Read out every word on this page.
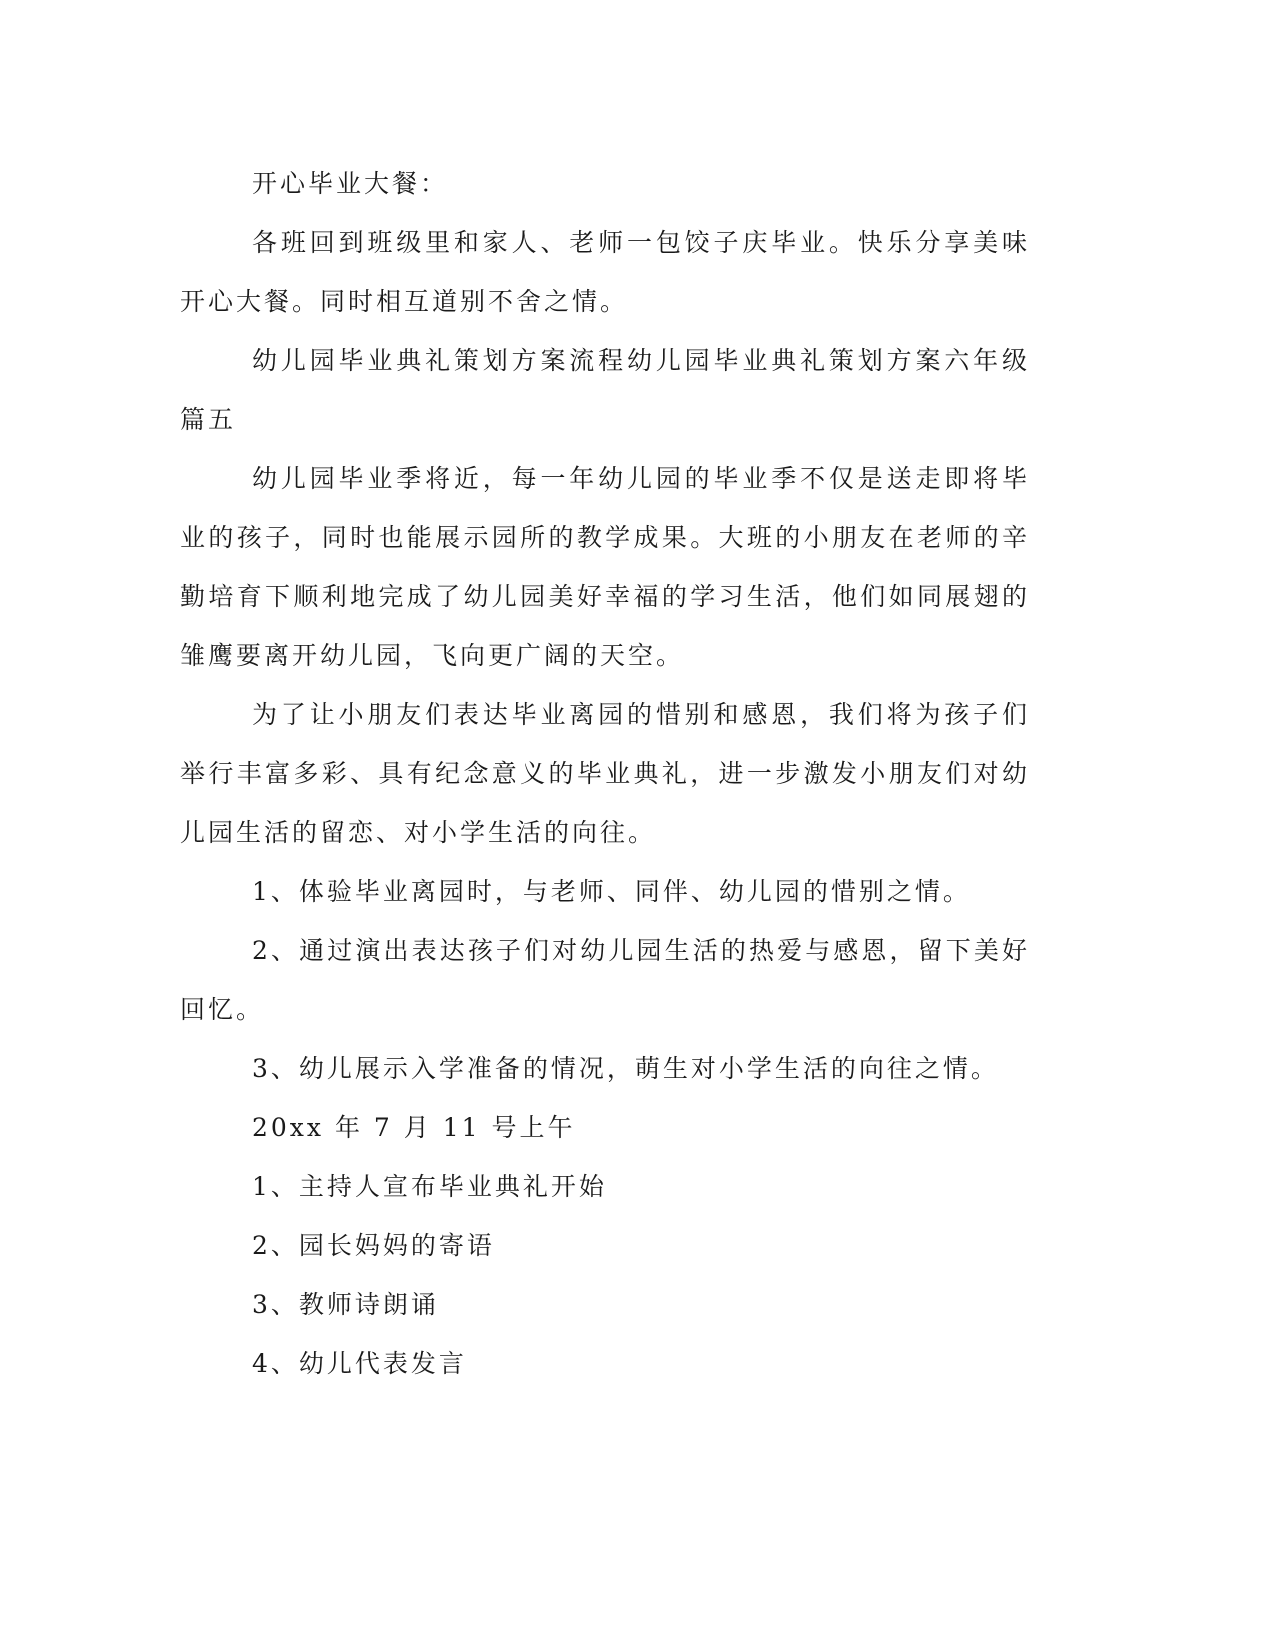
开心毕业大餐：

各班回到班级里和家人、老师一包饺子庆毕业。快乐分享美味开心大餐。同时相互道别不舍之情。

幼儿园毕业典礼策划方案流程幼儿园毕业典礼策划方案六年级篇五

幼儿园毕业季将近，每一年幼儿园的毕业季不仅是送走即将毕业的孩子，同时也能展示园所的教学成果。大班的小朋友在老师的辛勤培育下顺利地完成了幼儿园美好幸福的学习生活，他们如同展翅的雏鹰要离开幼儿园，飞向更广阔的天空。

为了让小朋友们表达毕业离园的惜别和感恩，我们将为孩子们举行丰富多彩、具有纪念意义的毕业典礼，进一步激发小朋友们对幼儿园生活的留恋、对小学生活的向往。

1、体验毕业离园时，与老师、同伴、幼儿园的惜别之情。

2、通过演出表达孩子们对幼儿园生活的热爱与感恩，留下美好回忆。

3、幼儿展示入学准备的情况，萌生对小学生活的向往之情。

20xx 年 7 月 11 号上午

1、主持人宣布毕业典礼开始

2、园长妈妈的寄语

3、教师诗朗诵

4、幼儿代表发言
